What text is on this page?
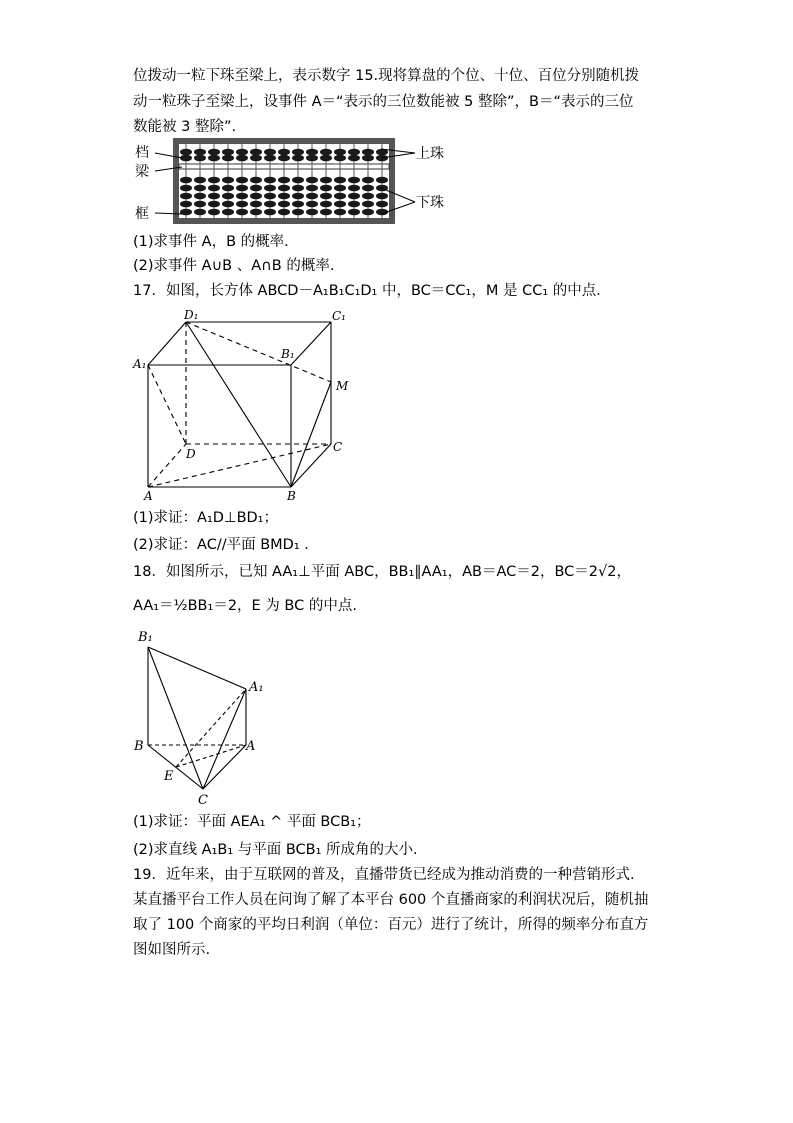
位拨动一粒下珠至梁上，表示数字 15.现将算盘的个位、十位、百位分别随机拨
动一粒珠子至梁上，设事件 A＝“表示的三位数能被 5 整除”，B＝“表示的三位
数能被 3 整除”.
档
梁
框
上珠
下珠
(1)求事件 A，B 的概率.
(2)求事件 A∪B 、A∩B 的概率.
17．如图，长方体 ABCD－A₁B₁C₁D₁ 中，BC＝CC₁，M 是 CC₁ 的中点．
A₁
D₁	C₁
B₁
M
D	C
A	B
(1)求证：A₁D⊥BD₁；
(2)求证：AC//平面 BMD₁ ．
18．如图所示，已知 AA₁⊥平面 ABC，BB₁∥AA₁，AB＝AC＝2，BC＝2√2，
AA₁＝½BB₁＝2，E 为 BC 的中点.
B₁
A₁
B	A
E
C
(1)求证：平面 AEA₁ ^ 平面 BCB₁；
(2)求直线 A₁B₁ 与平面 BCB₁ 所成角的大小.
19．近年来，由于互联网的普及，直播带货已经成为推动消费的一种营销形式.
某直播平台工作人员在问询了解了本平台 600 个直播商家的利润状况后，随机抽
取了 100 个商家的平均日利润（单位：百元）进行了统计，所得的频率分布直方
图如图所示.
